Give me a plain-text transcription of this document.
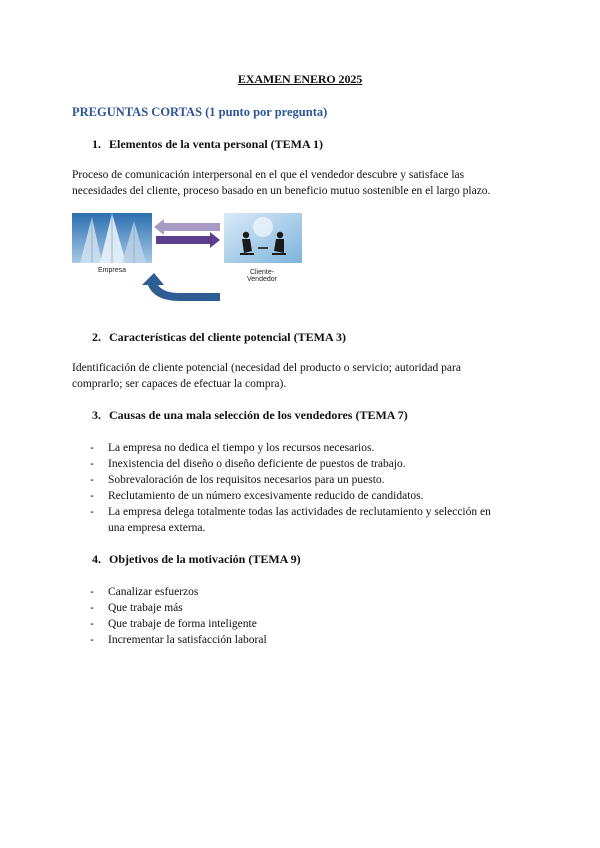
EXAMEN ENERO 2025
PREGUNTAS CORTAS (1 punto por pregunta)
1. Elementos de la venta personal (TEMA 1)
Proceso de comunicación interpersonal en el que el vendedor descubre y satisface las
necesidades del cliente, proceso basado en un beneficio mutuo sostenible en el largo plazo.
Empresa	Cliente-
Vendedor
2. Características del cliente potencial (TEMA 3)
Identificación de cliente potencial (necesidad del producto o servicio; autoridad para
comprarlo; ser capaces de efectuar la compra).
3. Causas de una mala selección de los vendedores (TEMA 7)
- La empresa no dedica el tiempo y los recursos necesarios.
- Inexistencia del diseño o diseño deficiente de puestos de trabajo.
- Sobrevaloración de los requisitos necesarios para un puesto.
- Reclutamiento de un número excesivamente reducido de candidatos.
- La empresa delega totalmente todas las actividades de reclutamiento y selección en
una empresa externa.
4. Objetivos de la motivación (TEMA 9)
- Canalizar esfuerzos
- Que trabaje más
- Que trabaje de forma inteligente
- Incrementar la satisfacción laboral
